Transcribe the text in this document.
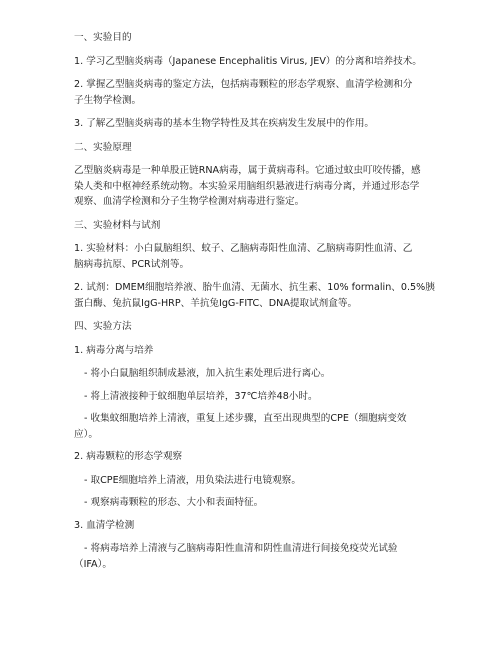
一、实验目的
1. 学习乙型脑炎病毒（Japanese Encephalitis Virus, JEV）的分离和培养技术。
2. 掌握乙型脑炎病毒的鉴定方法，包括病毒颗粒的形态学观察、血清学检测和分
子生物学检测。
3. 了解乙型脑炎病毒的基本生物学特性及其在疾病发生发展中的作用。
二、实验原理
乙型脑炎病毒是一种单股正链RNA病毒，属于黄病毒科。它通过蚊虫叮咬传播，感
染人类和中枢神经系统动物。本实验采用脑组织悬液进行病毒分离，并通过形态学
观察、血清学检测和分子生物学检测对病毒进行鉴定。
三、实验材料与试剂
1. 实验材料：小白鼠脑组织、蚊子、乙脑病毒阳性血清、乙脑病毒阴性血清、乙
脑病毒抗原、PCR试剂等。
2. 试剂：DMEM细胞培养液、胎牛血清、无菌水、抗生素、10% formalin、0.5%胰
蛋白酶、兔抗鼠IgG-HRP、羊抗兔IgG-FITC、DNA提取试剂盒等。
四、实验方法
1. 病毒分离与培养
- 将小白鼠脑组织制成悬液，加入抗生素处理后进行离心。
- 将上清液接种于蚊细胞单层培养，37℃培养48小时。
- 收集蚊细胞培养上清液，重复上述步骤，直至出现典型的CPE（细胞病变效
应）。
2. 病毒颗粒的形态学观察
- 取CPE细胞培养上清液，用负染法进行电镜观察。
- 观察病毒颗粒的形态、大小和表面特征。
3. 血清学检测
- 将病毒培养上清液与乙脑病毒阳性血清和阴性血清进行间接免疫荧光试验
（IFA）。
